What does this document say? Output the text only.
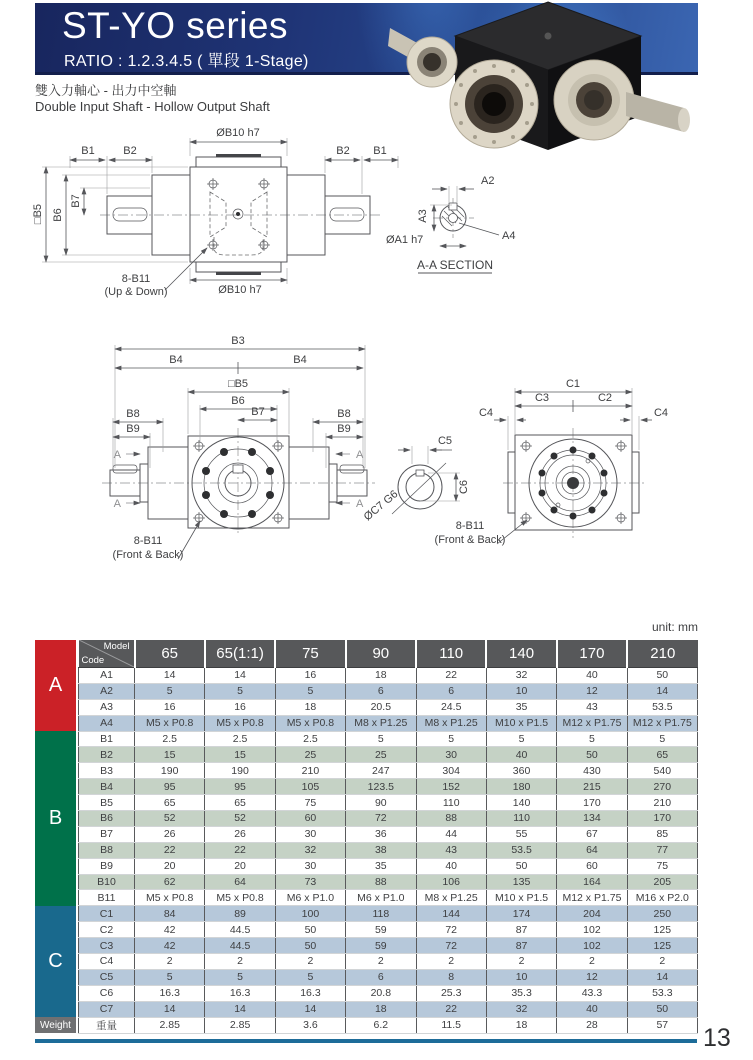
ST-YO series
RATIO : 1.2.3.4.5 ( 單段 1-Stage)
雙入力軸心 - 出力中空軸
Double Input Shaft - Hollow Output Shaft
ØB10 h7
B1	B2	B2 B1
□B5 B6
B7
8-B11
(Up & Down)	ØB10 h7
A2
A3
ØA1 h7	A4
A-A SECTION
B3
B4	B4
□B5
B6
B7
B8
B9
B8
B9
A
A
A
A
8-B11
(Front & Back)
ØC7 G6
C5
C6
C1
C3	C2
C4	C4
8-B11
(Front & Back)
unit: mm
A
B
C
Weight
Model
Code	65	65(1:1)	75	90	110	140	170	210
A1	14	14	16	18	22	32	40	50
A2	5	5	5	6	6	10	12	14
A3	16	16	18	20.5	24.5	35	43	53.5
A4	M5 x P0.8	M5 x P0.8	M5 x P0.8	M8 x P1.25	M8 x P1.25	M10 x P1.5	M12 x P1.75	M12 x P1.75
B1	2.5	2.5	2.5	5	5	5	5	5
B2	15	15	25	25	30	40	50	65
B3	190	190	210	247	304	360	430	540
B4	95	95	105	123.5	152	180	215	270
B5	65	65	75	90	110	140	170	210
B6	52	52	60	72	88	110	134	170
B7	26	26	30	36	44	55	67	85
B8	22	22	32	38	43	53.5	64	77
B9	20	20	30	35	40	50	60	75
B10	62	64	73	88	106	135	164	205
B11	M5 x P0.8	M5 x P0.8	M6 x P1.0	M6 x P1.0	M8 x P1.25	M10 x P1.5	M12 x P1.75	M16 x P2.0
C1	84	89	100	118	144	174	204	250
C2	42	44.5	50	59	72	87	102	125
C3	42	44.5	50	59	72	87	102	125
C4	2	2	2	2	2	2	2	2
C5	5	5	5	6	8	10	12	14
C6	16.3	16.3	16.3	20.8	25.3	35.3	43.3	53.3
C7	14	14	14	18	22	32	40	50
重量	2.85	2.85	3.6	6.2	11.5	18	28	57 13
